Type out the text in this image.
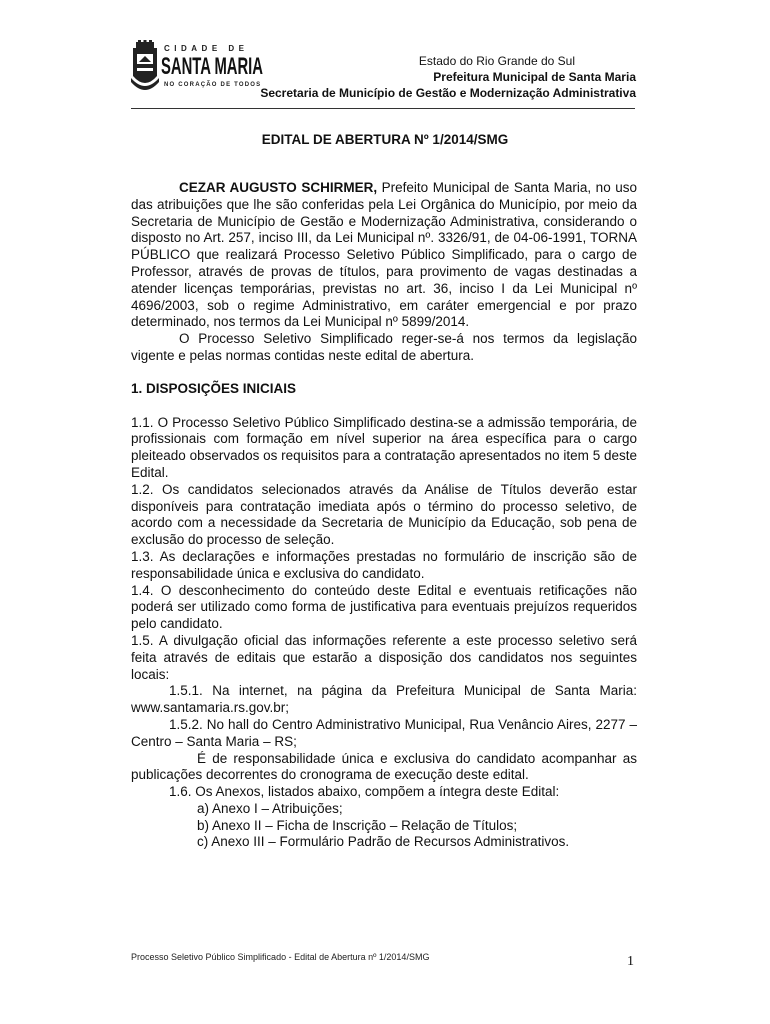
CIDADE DE
SANTA MARIA
NO CORAÇÃO DE TODOS
Estado do Rio Grande do Sul
Prefeitura Municipal de Santa Maria
Secretaria de Município de Gestão e Modernização Administrativa
EDITAL DE ABERTURA Nº 1/2014/SMG

CEZAR AUGUSTO SCHIRMER, Prefeito Municipal de Santa Maria, no uso das atribuições que lhe são conferidas pela Lei Orgânica do Município, por meio da Secretaria de Município de Gestão e Modernização Administrativa, considerando o disposto no Art. 257, inciso III, da Lei Municipal nº. 3326/91, de 04-06-1991, TORNA PÚBLICO que realizará Processo Seletivo Público Simplificado, para o cargo de Professor, através de provas de títulos, para provimento de vagas destinadas a atender licenças temporárias, previstas no art. 36, inciso I da Lei Municipal nº 4696/2003, sob o regime Administrativo, em caráter emergencial e por prazo determinado, nos termos da Lei Municipal nº 5899/2014.

O Processo Seletivo Simplificado reger-se-á nos termos da legislação vigente e pelas normas contidas neste edital de abertura.

1. DISPOSIÇÕES INICIAIS

1.1. O Processo Seletivo Público Simplificado destina-se a admissão temporária, de profissionais com formação em nível superior na área específica para o cargo pleiteado observados os requisitos para a contratação apresentados no item 5 deste Edital.

1.2. Os candidatos selecionados através da Análise de Títulos deverão estar disponíveis para contratação imediata após o término do processo seletivo, de acordo com a necessidade da Secretaria de Município da Educação, sob pena de exclusão do processo de seleção.

1.3. As declarações e informações prestadas no formulário de inscrição são de responsabilidade única e exclusiva do candidato.

1.4. O desconhecimento do conteúdo deste Edital e eventuais retificações não poderá ser utilizado como forma de justificativa para eventuais prejuízos requeridos pelo candidato.

1.5. A divulgação oficial das informações referente a este processo seletivo será feita através de editais que estarão a disposição dos candidatos nos seguintes locais:

1.5.1. Na internet, na página da Prefeitura Municipal de Santa Maria: www.santamaria.rs.gov.br;

1.5.2. No hall do Centro Administrativo Municipal, Rua Venâncio Aires, 2277 – Centro – Santa Maria – RS;

É de responsabilidade única e exclusiva do candidato acompanhar as publicações decorrentes do cronograma de execução deste edital.

1.6. Os Anexos, listados abaixo, compõem a íntegra deste Edital:

a) Anexo I – Atribuições;

b) Anexo II – Ficha de Inscrição – Relação de Títulos;

c) Anexo III – Formulário Padrão de Recursos Administrativos.

Processo Seletivo Público Simplificado - Edital de Abertura nº 1/2014/SMG	1
